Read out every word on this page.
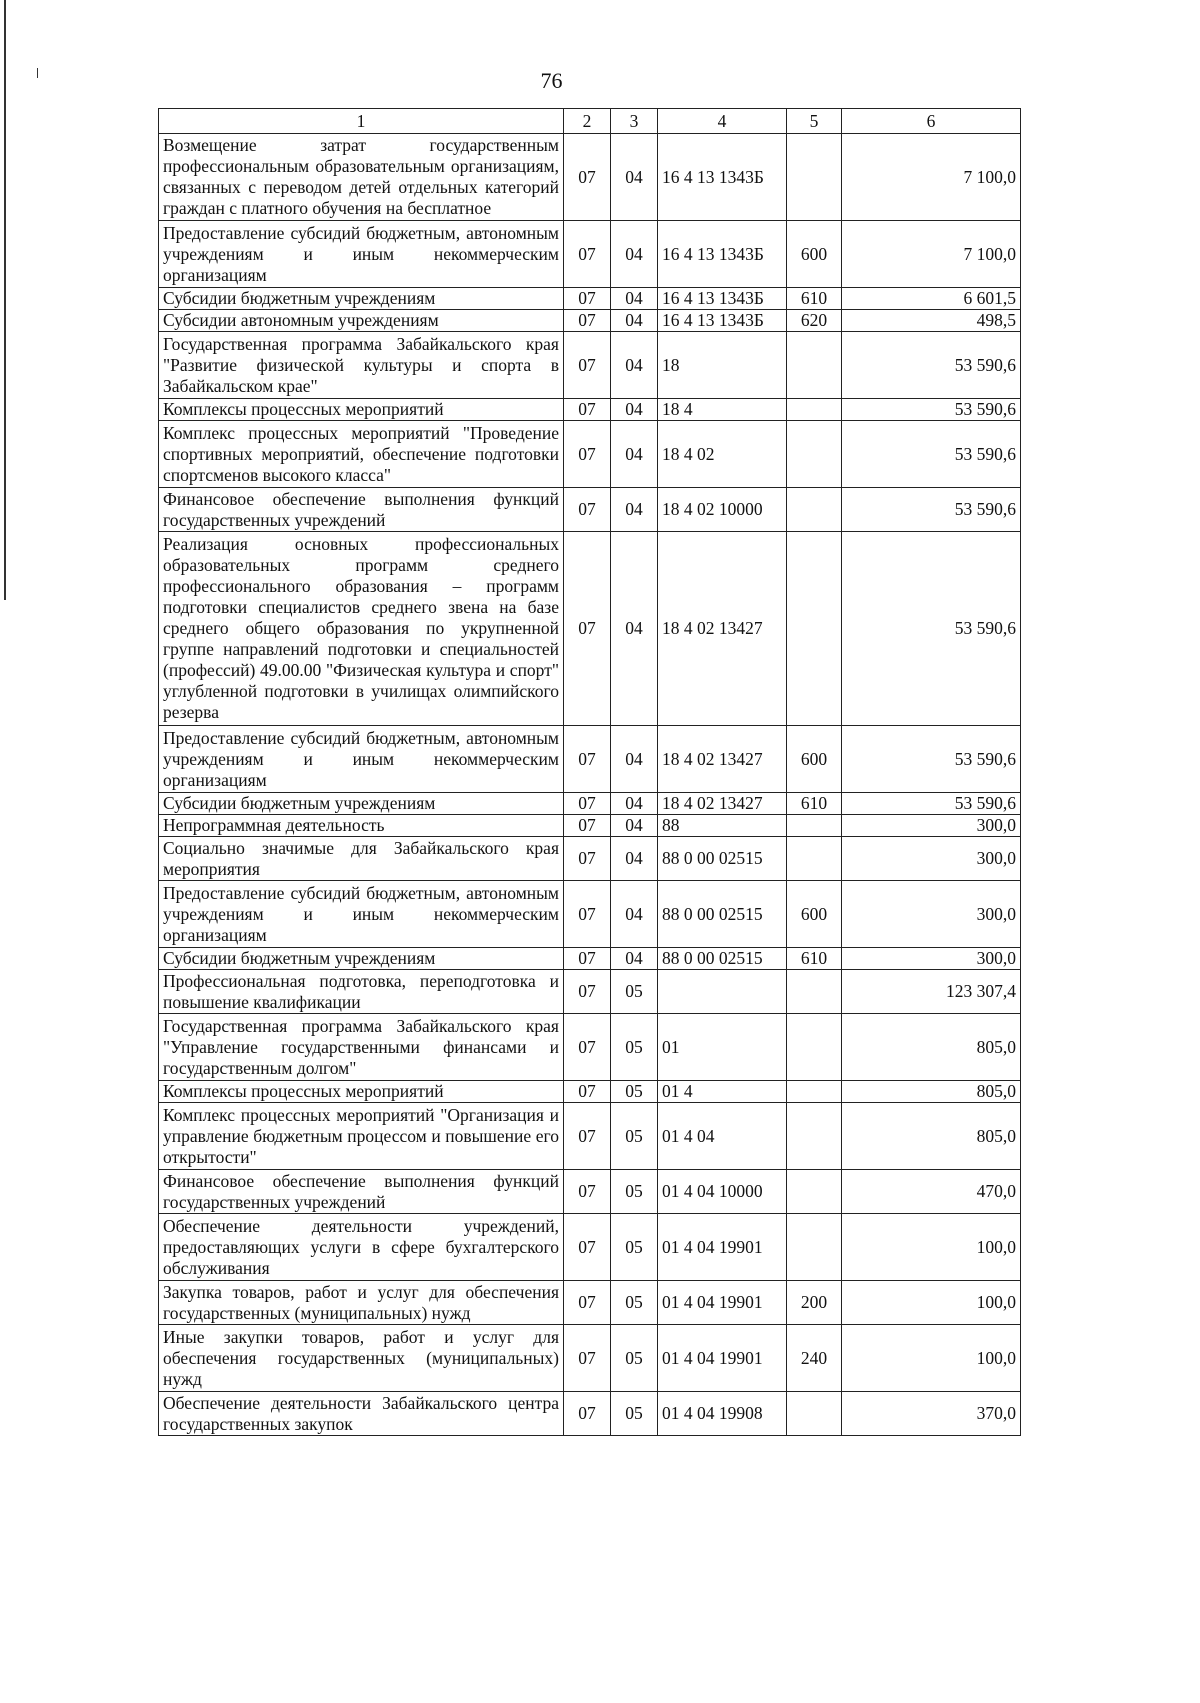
76
1	2	3	4	5	6
Возмещение затрат государственным профессиональным образовательным организациям, связанных с переводом детей отдельных категорий граждан с платного обучения на бесплатное	07	04	16 4 13 1343Б		7 100,0
Предоставление субсидий бюджетным, автономным учреждениям и иным некоммерческим организациям	07	04	16 4 13 1343Б	600	7 100,0
Субсидии бюджетным учреждениям	07	04	16 4 13 1343Б	610	6 601,5
Субсидии автономным учреждениям	07	04	16 4 13 1343Б	620	498,5
Государственная программа Забайкальского края "Развитие физической культуры и спорта в Забайкальском крае"	07	04	18		53 590,6
Комплексы процессных мероприятий	07	04	18 4		53 590,6
Комплекс процессных мероприятий "Проведение спортивных мероприятий, обеспечение подготовки спортсменов высокого класса"	07	04	18 4 02		53 590,6
Финансовое обеспечение выполнения функций государственных учреждений	07	04	18 4 02 10000		53 590,6
Реализация основных профессиональных образовательных программ среднего профессионального образования – программ подготовки специалистов среднего звена на базе среднего общего образования по укрупненной группе направлений подготовки и специальностей (профессий) 49.00.00 "Физическая культура и спорт" углубленной подготовки в училищах олимпийского резерва	07	04	18 4 02 13427		53 590,6
Предоставление субсидий бюджетным, автономным учреждениям и иным некоммерческим организациям	07	04	18 4 02 13427	600	53 590,6
Субсидии бюджетным учреждениям	07	04	18 4 02 13427	610	53 590,6
Непрограммная деятельность	07	04	88		300,0
Социально значимые для Забайкальского края мероприятия	07	04	88 0 00 02515		300,0
Предоставление субсидий бюджетным, автономным учреждениям и иным некоммерческим организациям	07	04	88 0 00 02515	600	300,0
Субсидии бюджетным учреждениям	07	04	88 0 00 02515	610	300,0
Профессиональная подготовка, переподготовка и повышение квалификации	07	05			123 307,4
Государственная программа Забайкальского края "Управление государственными финансами и государственным долгом"	07	05	01		805,0
Комплексы процессных мероприятий	07	05	01 4		805,0
Комплекс процессных мероприятий "Организация и управление бюджетным процессом и повышение его открытости"	07	05	01 4 04		805,0
Финансовое обеспечение выполнения функций государственных учреждений	07	05	01 4 04 10000		470,0
Обеспечение деятельности учреждений, предоставляющих услуги в сфере бухгалтерского обслуживания	07	05	01 4 04 19901		100,0
Закупка товаров, работ и услуг для обеспечения государственных (муниципальных) нужд	07	05	01 4 04 19901	200	100,0
Иные закупки товаров, работ и услуг для обеспечения государственных (муниципальных) нужд	07	05	01 4 04 19901	240	100,0
Обеспечение деятельности Забайкальского центра государственных закупок	07	05	01 4 04 19908		370,0
